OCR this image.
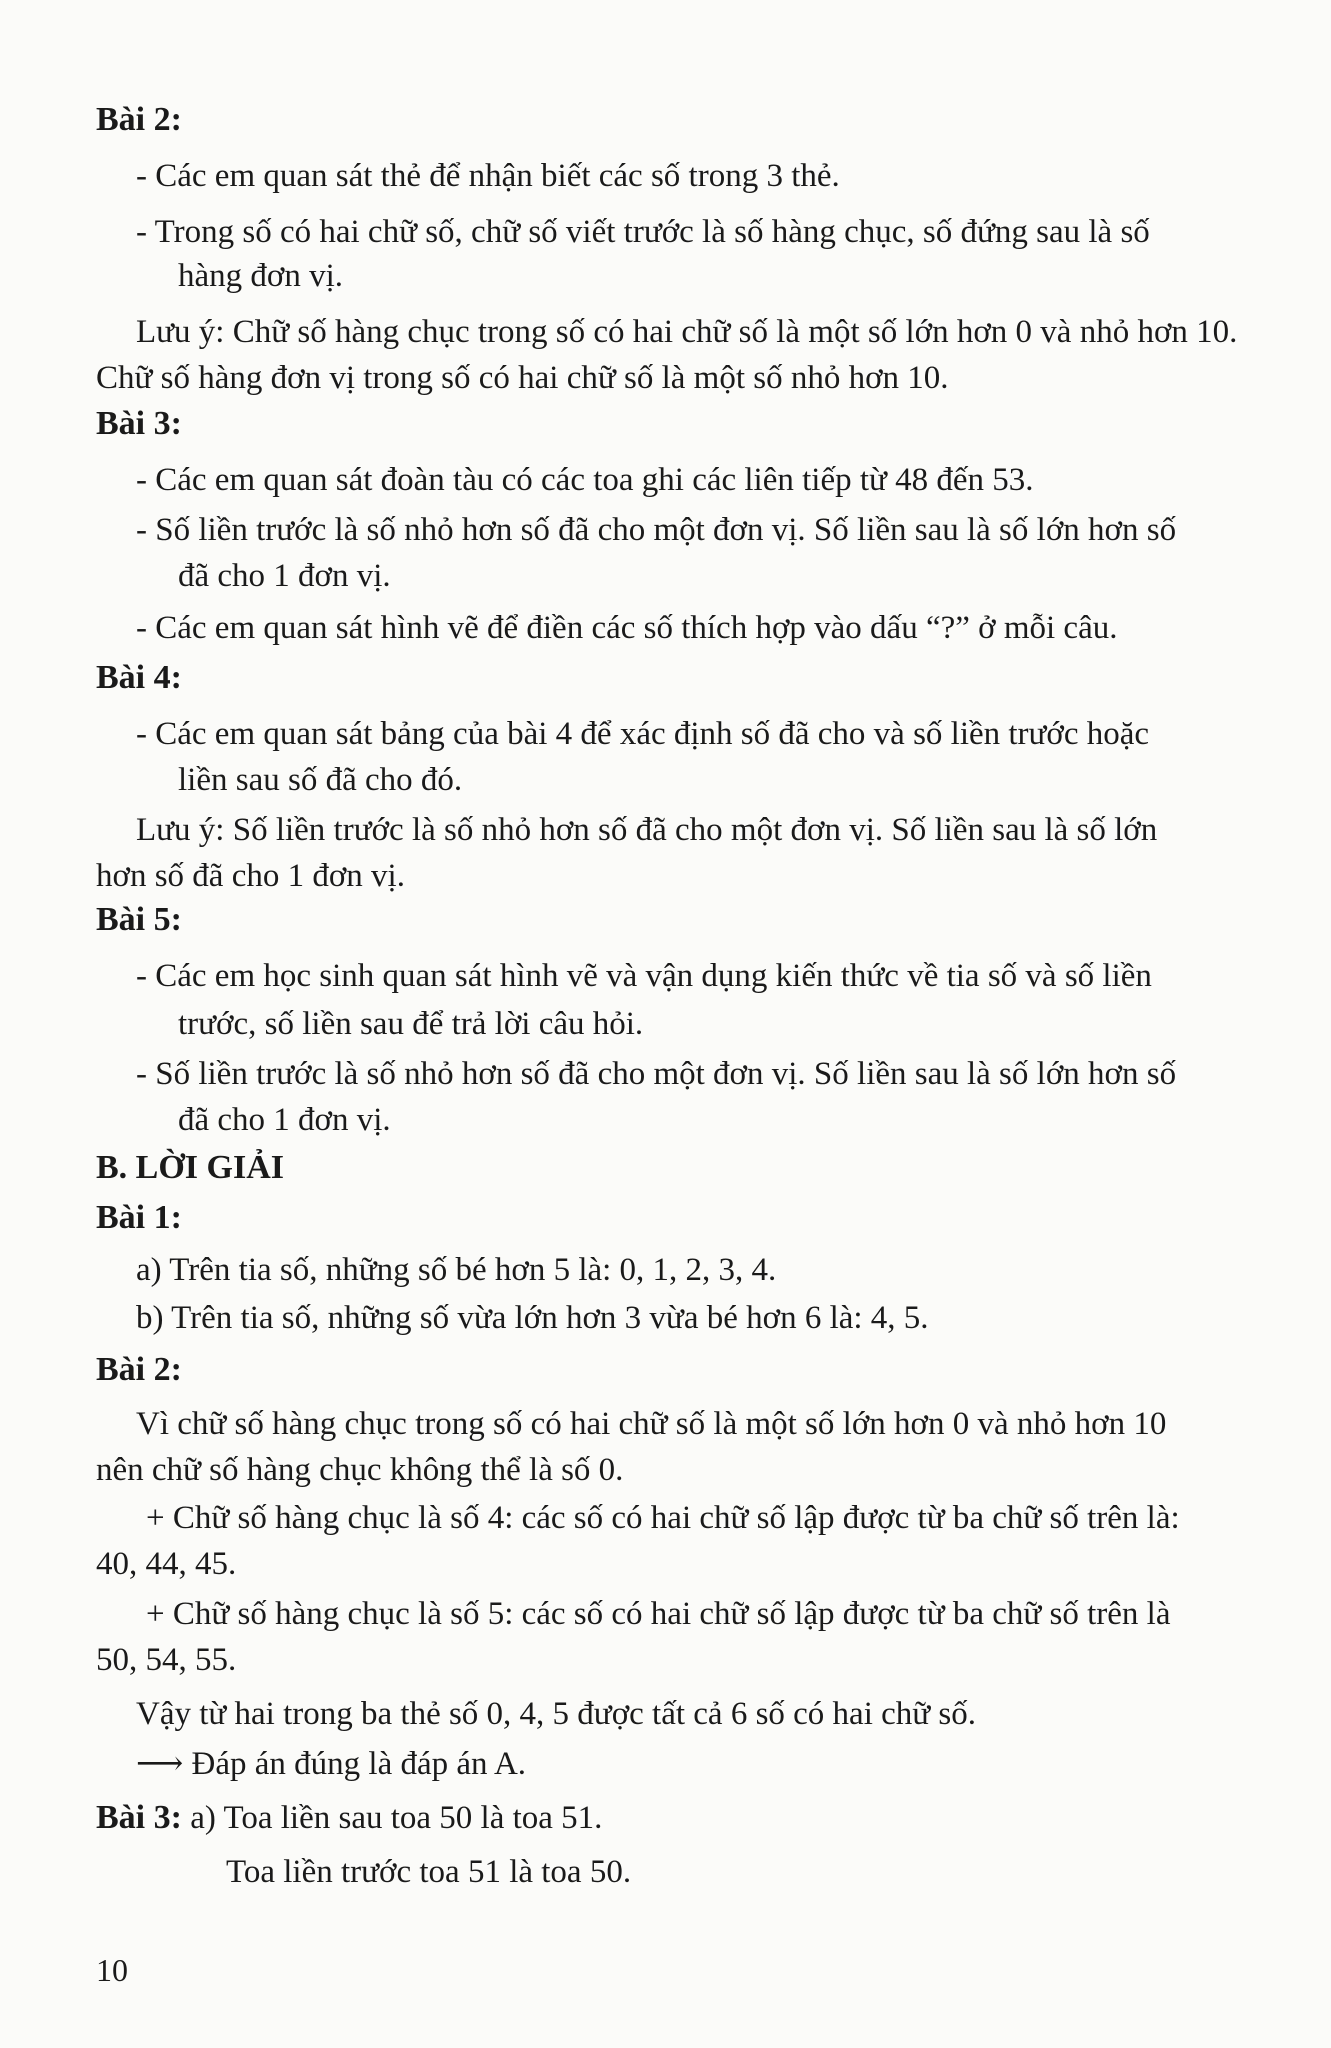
Bài 2:
- Các em quan sát thẻ để nhận biết các số trong 3 thẻ.
- Trong số có hai chữ số, chữ số viết trước là số hàng chục, số đứng sau là số
hàng đơn vị.
Lưu ý: Chữ số hàng chục trong số có hai chữ số là một số lớn hơn 0 và nhỏ hơn 10.
Chữ số hàng đơn vị trong số có hai chữ số là một số nhỏ hơn 10.
Bài 3:
- Các em quan sát đoàn tàu có các toa ghi các liên tiếp từ 48 đến 53.
- Số liền trước là số nhỏ hơn số đã cho một đơn vị. Số liền sau là số lớn hơn số
đã cho 1 đơn vị.
- Các em quan sát hình vẽ để điền các số thích hợp vào dấu “?” ở mỗi câu.
Bài 4:
- Các em quan sát bảng của bài 4 để xác định số đã cho và số liền trước hoặc
liền sau số đã cho đó.
Lưu ý: Số liền trước là số nhỏ hơn số đã cho một đơn vị. Số liền sau là số lớn
hơn số đã cho 1 đơn vị.
Bài 5:
- Các em học sinh quan sát hình vẽ và vận dụng kiến thức về tia số và số liền
trước, số liền sau để trả lời câu hỏi.
- Số liền trước là số nhỏ hơn số đã cho một đơn vị. Số liền sau là số lớn hơn số
đã cho 1 đơn vị.
B. LỜI GIẢI
Bài 1:
a) Trên tia số, những số bé hơn 5 là: 0, 1, 2, 3, 4.
b) Trên tia số, những số vừa lớn hơn 3 vừa bé hơn 6 là: 4, 5.
Bài 2:
Vì chữ số hàng chục trong số có hai chữ số là một số lớn hơn 0 và nhỏ hơn 10
nên chữ số hàng chục không thể là số 0.
+ Chữ số hàng chục là số 4: các số có hai chữ số lập được từ ba chữ số trên là:
40, 44, 45.
+ Chữ số hàng chục là số 5: các số có hai chữ số lập được từ ba chữ số trên là
50, 54, 55.
Vậy từ hai trong ba thẻ số 0, 4, 5 được tất cả 6 số có hai chữ số.
⟶ Đáp án đúng là đáp án A.
Bài 3: a) Toa liền sau toa 50 là toa 51.
Toa liền trước toa 51 là toa 50.
10
